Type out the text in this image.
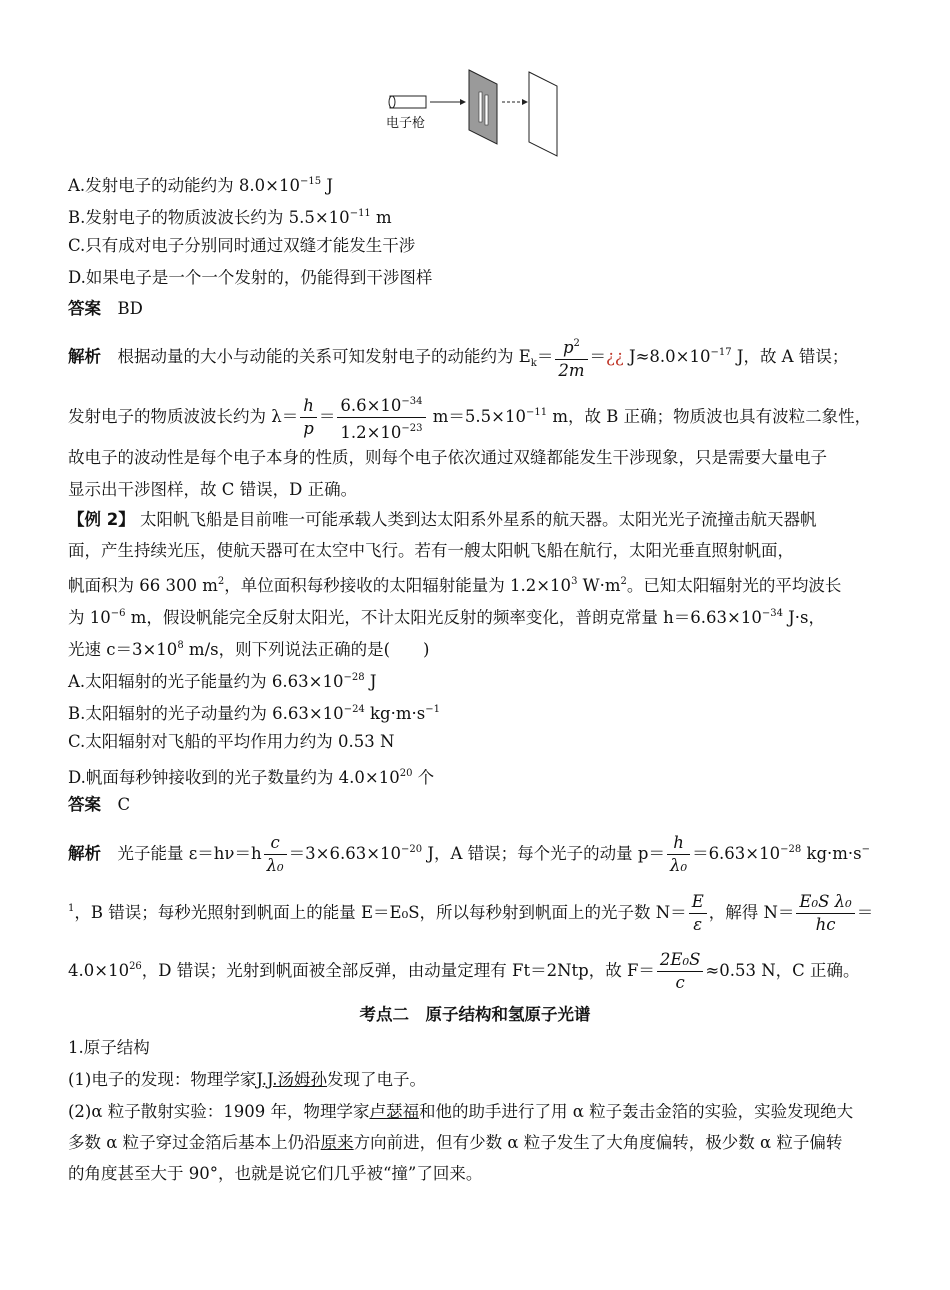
电子枪
A.发射电子的动能约为 $8.0\times 10^{-15}$ J
B.发射电子的物质波波长约为 $5.5\times 10^{-11}$ m
C.只有成对电子分别同时通过双缝才能发生干涉
D.如果电子是一个一个发射的，仍能得到干涉图样
答案　 BD
解析　 根据动量的大小与动能的关系可知发射电子的动能约为 $E_k= \frac{p^2}{2m}$ ＝¿¿ $J\approx 8.0\times 10^{-17}$ J，故 A 错误；
发射电子的物质波波长约为 $\lambda= \frac{h}{p} = \frac{6.6\times 10^{-34}}{1.2\times 10^{-23}} m=5.5\times 10^{-11}$ m，故 B 正确；物质波也具有波粒二象性，
故电子的波动性是每个电子本身的性质，则每个电子依次通过双缝都能发生干涉现象，只是需要大量电子
显示出干涉图样，故 C 错误，D 正确。
【例 2】 太阳帆飞船是目前唯一可能承载人类到达太阳系外星系的航天器。太阳光光子流撞击航天器帆
面，产生持续光压，使航天器可在太空中飞行。若有一艘太阳帆飞船在航行，太阳光垂直照射帆面，
帆面积为 66 300 $m^2$，单位面积每秒接收的太阳辐射能量为 $1.2\times 10^3$ $W\cdot m^2$。已知太阳辐射光的平均波长
为 $10^{-6}$ m，假设帆能完全反射太阳光，不计太阳光反射的频率变化，普朗克常量 $h=6.63\times 10^{-34}$ J·s，
光速 $c=3\times 10^8$ m/s，则下列说法正确的是(　　)
A.太阳辐射的光子能量约为 $6.63\times 10^{-28}$ J
B.太阳辐射的光子动量约为 $6.63\times 10^{-24}$ $kg\cdot m\cdot s^{-1}$
C.太阳辐射对飞船的平均作用力约为 0.53 N
D.帆面每秒钟接收到的光子数量约为 $4.0\times 10^{20}$ 个
答案　 C
解析　 光子能量 $\varepsilon=h\nu=h \frac{c}{\text{λ₀}} =3\times 6.63\times 10^{-20}$ J，A 错误；每个光子的动量 $p= \frac{h}{\text{λ₀}} =6.63\times 10^{-28}$ kg·m·s−
$^1$，B 错误；每秒光照射到帆面上的能量 E＝E₀S，所以每秒射到帆面上的光子数 $N= \frac{E}{\varepsilon}$ ，解得 $N= \frac{\text{E₀S λ₀}}{hc}$ ＝
$4.0\times 10^{26}$，D 错误；光射到帆面被全部反弹，由动量定理有 Ft＝2Ntp，故 $F= \frac{\text{2E₀S}}{c} \approx 0.53$ N，C 正确。
考点二　原子结构和氢原子光谱
1.原子结构
(1)电子的发现：物理学家J.J.汤姆孙发现了电子。
(2)α 粒子散射实验：1909 年，物理学家卢瑟福和他的助手进行了用 α 粒子轰击金箔的实验，实验发现绝大
多数 α 粒子穿过金箔后基本上仍沿原来方向前进，但有少数 α 粒子发生了大角度偏转，极少数 α 粒子偏转
的角度甚至大于 90°，也就是说它们几乎被“撞”了回来。
